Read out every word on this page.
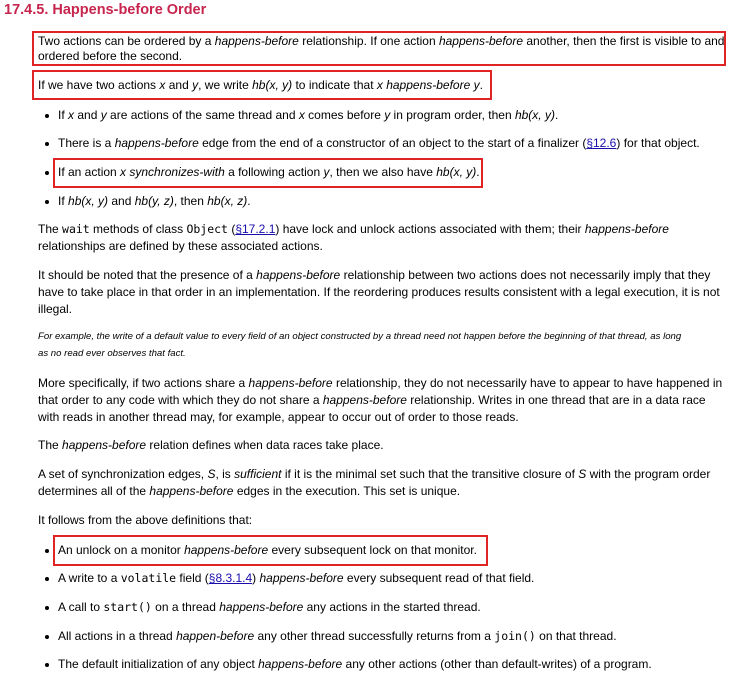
17.4.5. Happens-before Order
Two actions can be ordered by a happens-before relationship. If one action happens-before another, then the first is visible to and
ordered before the second.
If we have two actions x and y, we write hb(x, y) to indicate that x happens-before y.
If x and y are actions of the same thread and x comes before y in program order, then hb(x, y).
There is a happens-before edge from the end of a constructor of an object to the start of a finalizer (§12.6) for that object.
If an action x synchronizes-with a following action y, then we also have hb(x, y).
If hb(x, y) and hb(y, z), then hb(x, z).
The wait methods of class Object (§17.2.1) have lock and unlock actions associated with them; their happens-before
relationships are defined by these associated actions.
It should be noted that the presence of a happens-before relationship between two actions does not necessarily imply that they
have to take place in that order in an implementation. If the reordering produces results consistent with a legal execution, it is not
illegal.
For example, the write of a default value to every field of an object constructed by a thread need not happen before the beginning of that thread, as long
as no read ever observes that fact.
More specifically, if two actions share a happens-before relationship, they do not necessarily have to appear to have happened in
that order to any code with which they do not share a happens-before relationship. Writes in one thread that are in a data race
with reads in another thread may, for example, appear to occur out of order to those reads.
The happens-before relation defines when data races take place.
A set of synchronization edges, S, is sufficient if it is the minimal set such that the transitive closure of S with the program order
determines all of the happens-before edges in the execution. This set is unique.
It follows from the above definitions that:
An unlock on a monitor happens-before every subsequent lock on that monitor.
A write to a volatile field (§8.3.1.4) happens-before every subsequent read of that field.
A call to start() on a thread happens-before any actions in the started thread.
All actions in a thread happen-before any other thread successfully returns from a join() on that thread.
The default initialization of any object happens-before any other actions (other than default-writes) of a program.
